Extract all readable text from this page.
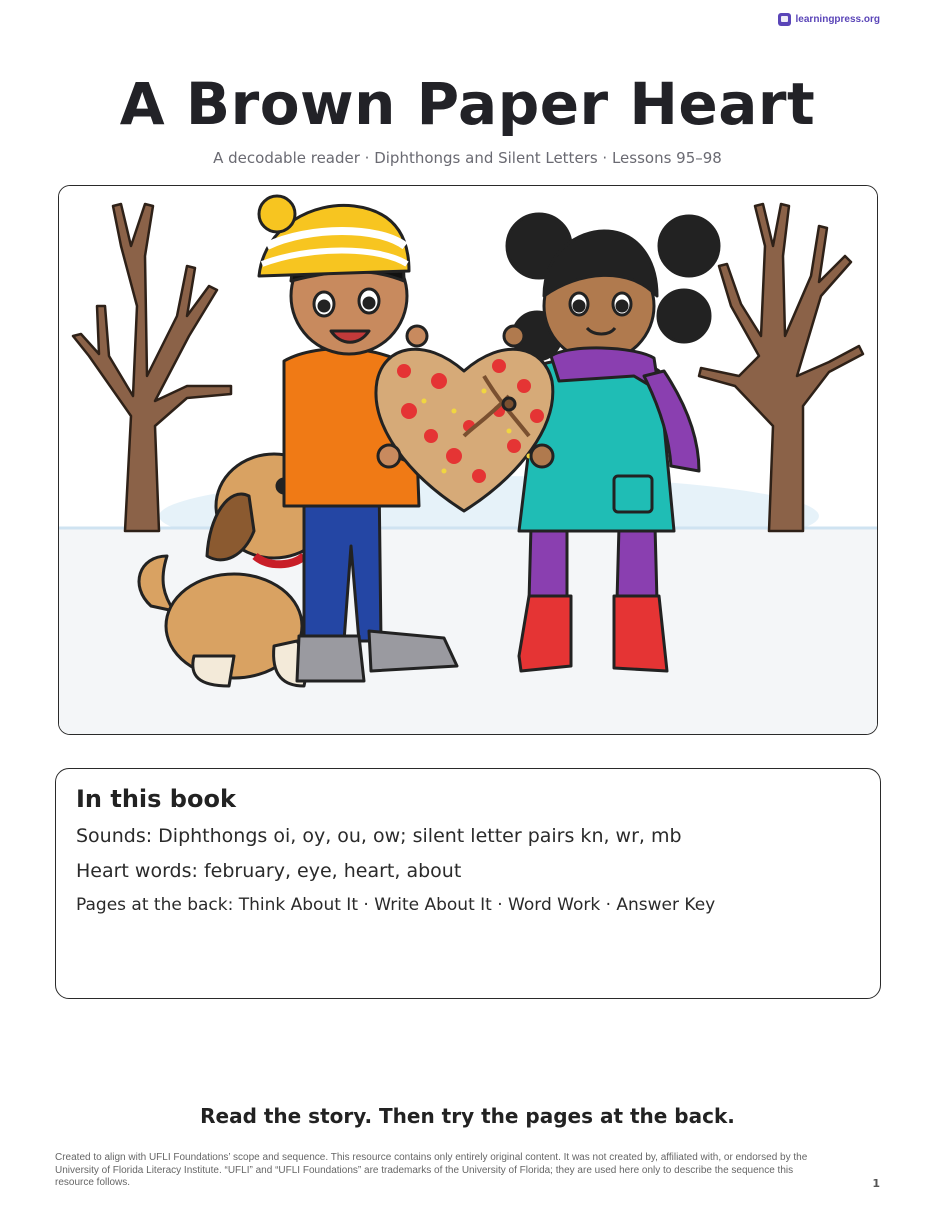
learningpress.org
A Brown Paper Heart
A decodable reader · Diphthongs and Silent Letters · Lessons 95–98
In this book
Sounds: Diphthongs oi, oy, ou, ow; silent letter pairs kn, wr, mb
Heart words: february, eye, heart, about
Pages at the back: Think About It · Write About It · Word Work · Answer Key
Read the story. Then try the pages at the back.
Created to align with UFLI Foundations’ scope and sequence. This resource contains only entirely original content. It was not created by, affiliated with, or endorsed by the University of Florida Literacy Institute. “UFLI” and “UFLI Foundations” are trademarks of the University of Florida; they are used here only to describe the sequence this resource follows.	1
